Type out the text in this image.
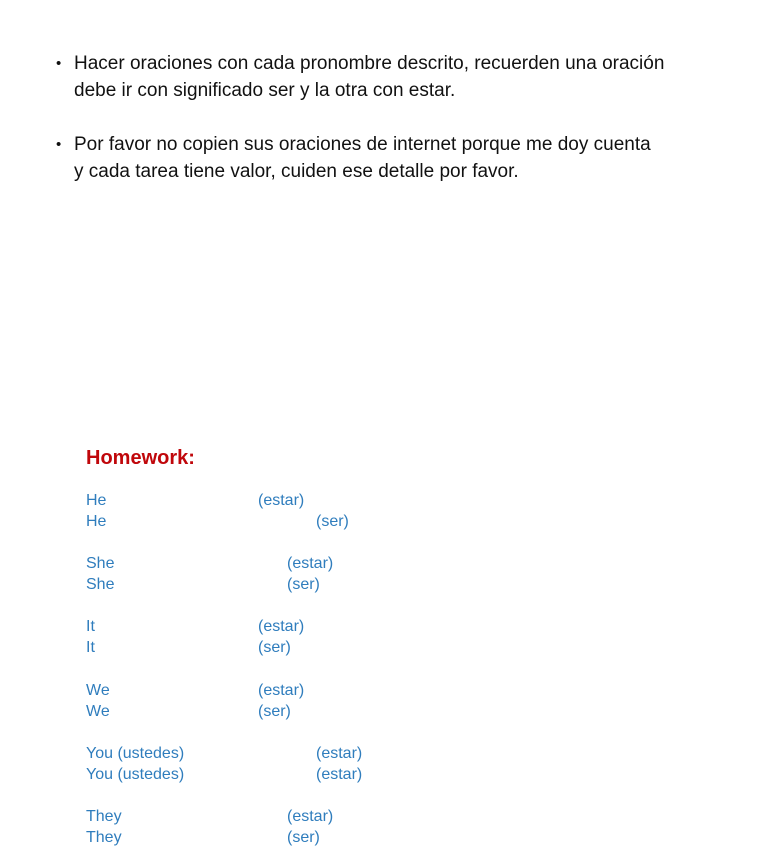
• Hacer oraciones con cada pronombre descrito, recuerden una oración
debe ir con significado ser y la otra con estar.
• Por favor no copien sus oraciones de internet porque me doy cuenta
y cada tarea tiene valor, cuiden ese detalle por favor.
Homework:
He	(estar)
He	(ser)
She	(estar)
She	(ser)
It	(estar)
It	(ser)
We	(estar)
We	(ser)
You (ustedes)	(estar)
You (ustedes)	(estar)
They	(estar)
They	(ser)
